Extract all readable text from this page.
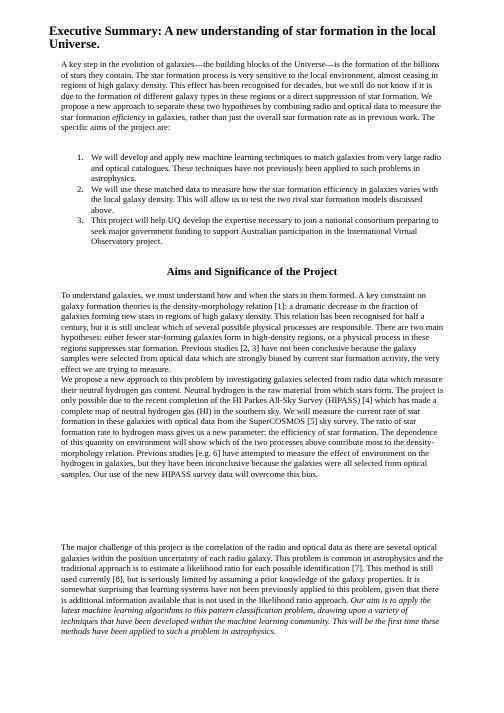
Executive Summary: A new understanding of star formation in the local Universe.
A key step in the evolution of galaxies—the building blocks of the Universe—is the formation of the billions of stars they contain. The star formation process is very sensitive to the local environment, almost ceasing in regions of high galaxy density. This effect has been recognised for decades, but we still do not know if it is due to the formation of different galaxy types in these regions or a direct suppression of star formation. We propose a new approach to separate these two hypotheses by combining radio and optical data to measure the star formation efficiency in galaxies, rather than just the overall star formation rate as in previous work. The specific aims of the project are:
1. We will develop and apply new machine learning techniques to match galaxies from very large radio and optical catalogues. These techniques have not previously been applied to such problems in astrophysics.
2. We will use these matched data to measure how the star formation efficiency in galaxies varies with the local galaxy density. This will allow us to test the two rival star formation models discussed above.
3. This project will help UQ develop the expertise necessary to join a national consortium preparing to seek major government funding to support Australian participation in the International Virtual Observatory project.
Aims and Significance of the Project
To understand galaxies, we must understand how and when the stars in them formed. A key constraint on galaxy formation theories is the density-morphology relation [1]: a dramatic decrease in the fraction of galaxies forming new stars in regions of high galaxy density. This relation has been recognised for half a century, but it is still unclear which of several possible physical processes are responsible. There are two main hypotheses: either fewer star-forming galaxies form in high-density regions, or a physical process in these regions suppresses star formation. Previous studies [2, 3] have not been conclusive because the galaxy samples were selected from optical data which are strongly biased by current star formation activity, the very effect we are trying to measure.
We propose a new approach to this problem by investigating galaxies selected from radio data which measure their neutral hydrogen gas content. Neutral hydrogen is the raw material from which stars form. The project is only possible due to the recent completion of the HI Parkes All-Sky Survey (HIPASS) [4] which has made a complete map of neutral hydrogen gas (HI) in the southern sky. We will measure the current rate of star formation in these galaxies with optical data from the SuperCOSMOS [5] sky survey. The ratio of star formation rate to hydrogen mass gives us a new parameter: the efficiency of star formation. The dependence of this quantity on environment will show which of the two processes above contribute most to the density-morphology relation. Previous studies [e.g. 6] have attempted to measure the effect of environment on the hydrogen in galaxies, but they have been inconclusive because the galaxies were all selected from optical samples. Our use of the new HIPASS survey data will overcome this bias.
The major challenge of this project is the correlation of the radio and optical data as there are several optical galaxies within the position uncertainty of each radio galaxy. This problem is common in astrophysics and the traditional approach is to estimate a likelihood ratio for each possible identification [7]. This method is still used currently [8], but is seriously limited by assuming a prior knowledge of the galaxy properties. It is somewhat surprising that learning systems have not been previously applied to this problem, given that there is additional information available that is not used in the likelihood ratio approach. Our aim is to apply the latest machine learning algorithms to this pattern classification problem, drawing upon a variety of techniques that have been developed within the machine learning community. This will be the first time these methods have been applied to such a problem in astrophysics.
